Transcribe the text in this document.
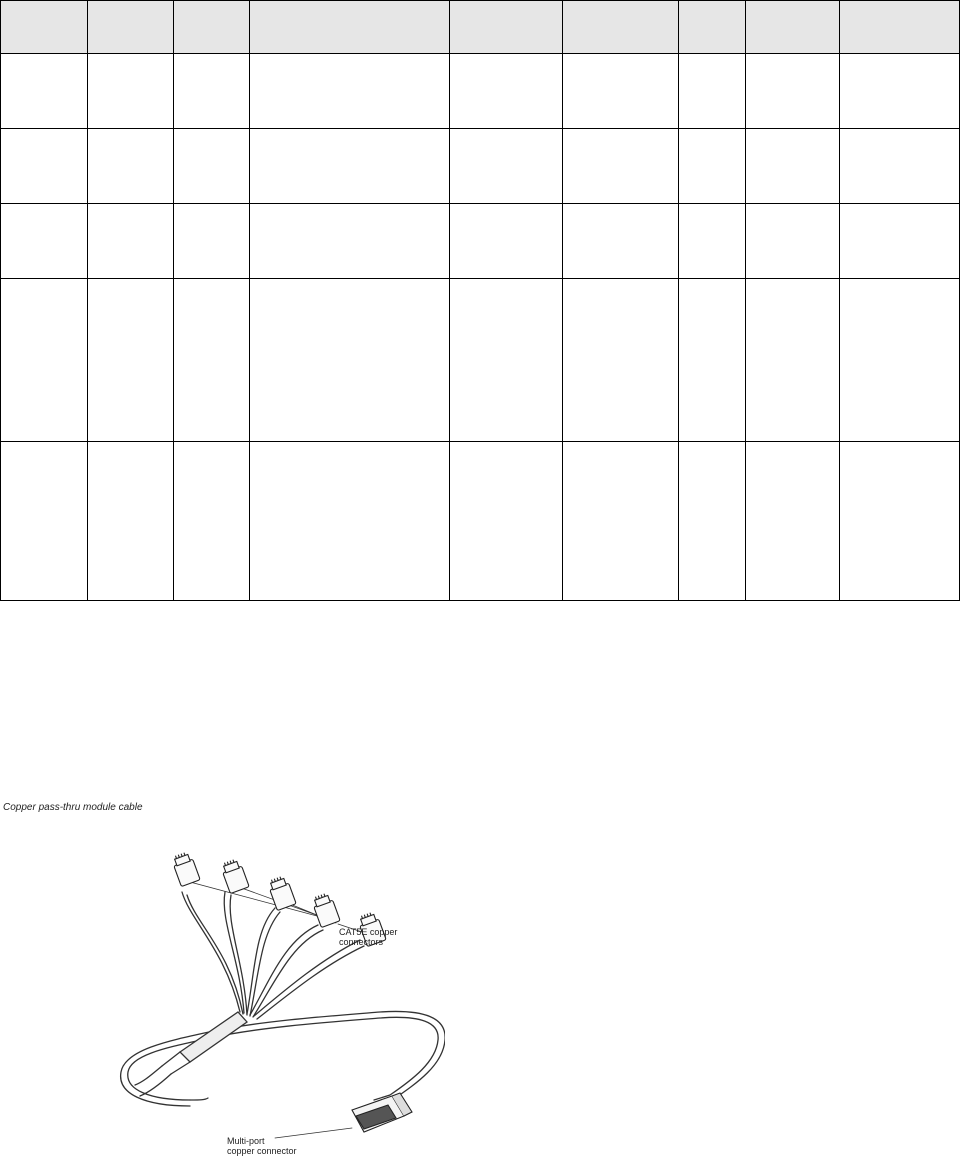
Copper pass-thru module cable
CAT5E copper
connectors
Multi-port
copper connector
